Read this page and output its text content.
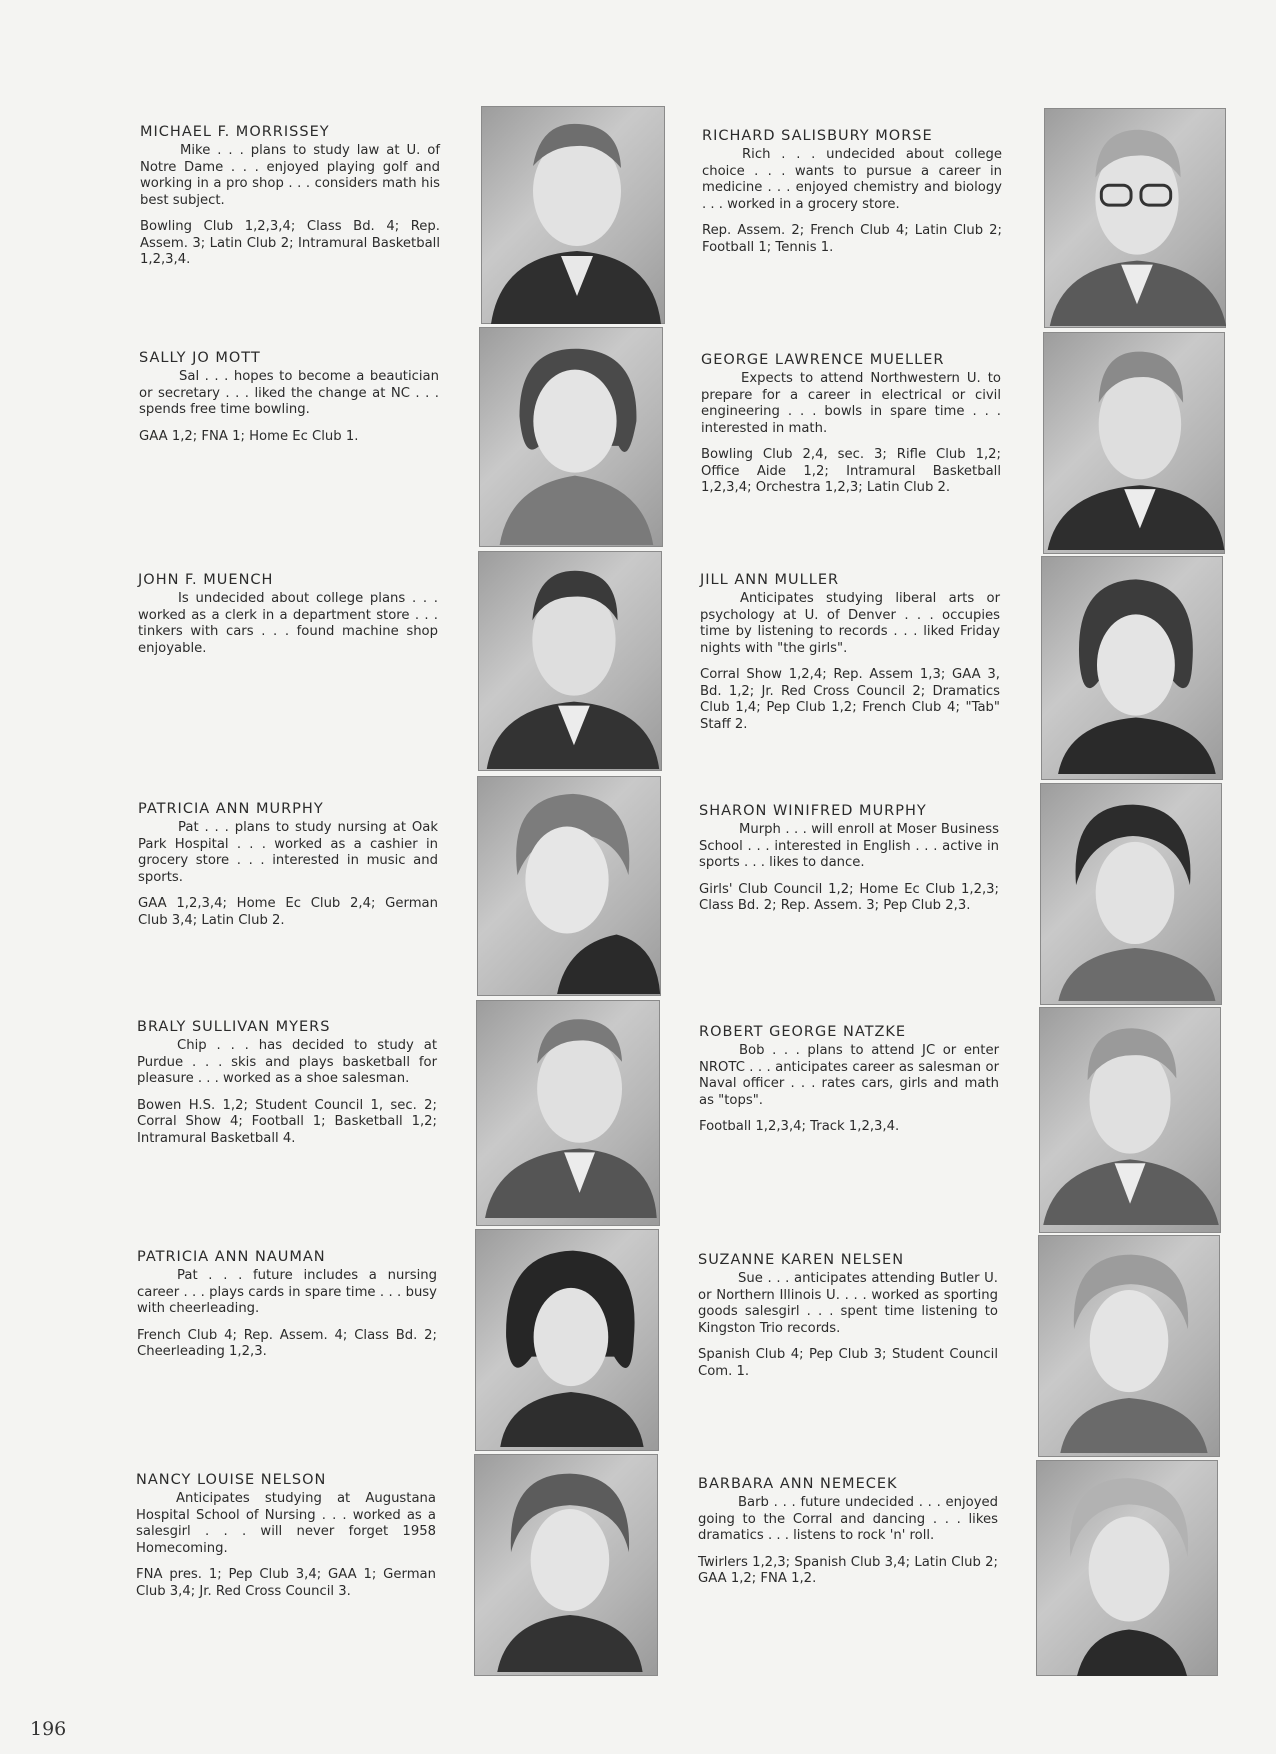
MICHAEL F. MORRISSEY

Mike . . . plans to study law at U. of Notre Dame . . . enjoyed playing golf and working in a pro shop . . . considers math his best subject.

Bowling Club 1,2,3,4; Class Bd. 4; Rep. Assem. 3; Latin Club 2; Intramural Basketball 1,2,3,4.

SALLY JO MOTT

Sal . . . hopes to become a beautician or secretary . . . liked the change at NC . . . spends free time bowling.

GAA 1,2; FNA 1; Home Ec Club 1.

JOHN F. MUENCH

Is undecided about college plans . . . worked as a clerk in a department store . . . tinkers with cars . . . found machine shop enjoyable.

PATRICIA ANN MURPHY

Pat . . . plans to study nursing at Oak Park Hospital . . . worked as a cashier in grocery store . . . interested in music and sports.

GAA 1,2,3,4; Home Ec Club 2,4; German Club 3,4; Latin Club 2.

BRALY SULLIVAN MYERS

Chip . . . has decided to study at Purdue . . . skis and plays basketball for pleasure . . . worked as a shoe salesman.

Bowen H.S. 1,2; Student Council 1, sec. 2; Corral Show 4; Football 1; Basketball 1,2; Intramural Basketball 4.

PATRICIA ANN NAUMAN

Pat . . . future includes a nursing career . . . plays cards in spare time . . . busy with cheerleading.

French Club 4; Rep. Assem. 4; Class Bd. 2; Cheerleading 1,2,3.

NANCY LOUISE NELSON

Anticipates studying at Augustana Hospital School of Nursing . . . worked as a salesgirl . . . will never forget 1958 Homecoming.

FNA pres. 1; Pep Club 3,4; GAA 1; German Club 3,4; Jr. Red Cross Council 3.

RICHARD SALISBURY MORSE

Rich . . . undecided about college choice . . . wants to pursue a career in medicine . . . enjoyed chemistry and biology . . . worked in a grocery store.

Rep. Assem. 2; French Club 4; Latin Club 2; Football 1; Tennis 1.

GEORGE LAWRENCE MUELLER

Expects to attend Northwestern U. to prepare for a career in electrical or civil engineering . . . bowls in spare time . . . interested in math.

Bowling Club 2,4, sec. 3; Rifle Club 1,2; Office Aide 1,2; Intramural Basketball 1,2,3,4; Orchestra 1,2,3; Latin Club 2.

JILL ANN MULLER

Anticipates studying liberal arts or psychology at U. of Denver . . . occupies time by listening to records . . . liked Friday nights with "the girls".

Corral Show 1,2,4; Rep. Assem 1,3; GAA 3, Bd. 1,2; Jr. Red Cross Council 2; Dramatics Club 1,4; Pep Club 1,2; French Club 4; "Tab" Staff 2.

SHARON WINIFRED MURPHY

Murph . . . will enroll at Moser Business School . . . interested in English . . . active in sports . . . likes to dance.

Girls' Club Council 1,2; Home Ec Club 1,2,3; Class Bd. 2; Rep. Assem. 3; Pep Club 2,3.

ROBERT GEORGE NATZKE

Bob . . . plans to attend JC or enter NROTC . . . anticipates career as salesman or Naval officer . . . rates cars, girls and math as "tops".

Football 1,2,3,4; Track 1,2,3,4.

SUZANNE KAREN NELSEN

Sue . . . anticipates attending Butler U. or Northern Illinois U. . . . worked as sporting goods salesgirl . . . spent time listening to Kingston Trio records.

Spanish Club 4; Pep Club 3; Student Council Com. 1.

BARBARA ANN NEMECEK

Barb . . . future undecided . . . enjoyed going to the Corral and dancing . . . likes dramatics . . . listens to rock 'n' roll.

Twirlers 1,2,3; Spanish Club 3,4; Latin Club 2; GAA 1,2; FNA 1,2.

196
